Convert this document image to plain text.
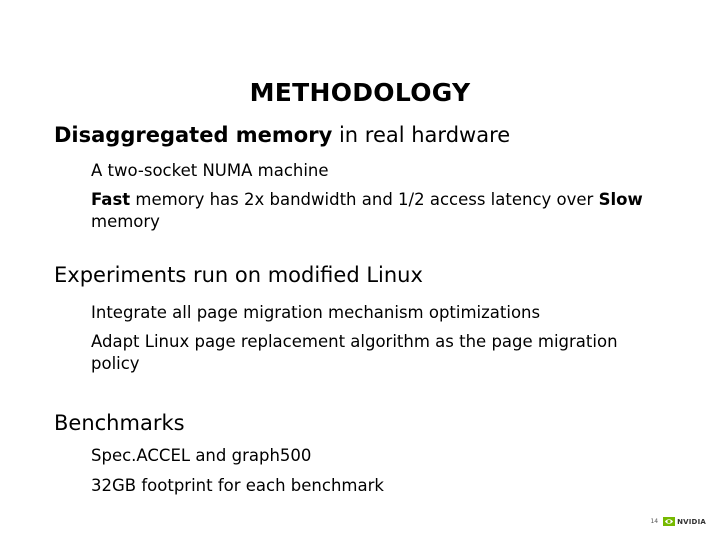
METHODOLOGY

Disaggregated memory in real hardware

A two-socket NUMA machine

Fast memory has 2x bandwidth and 1/2 access latency over Slow memory

Experiments run on modified Linux

Integrate all page migration mechanism optimizations

Adapt Linux page replacement algorithm as the page migration policy

Benchmarks

Spec.ACCEL and graph500

32GB footprint for each benchmark

14	NVIDIA
